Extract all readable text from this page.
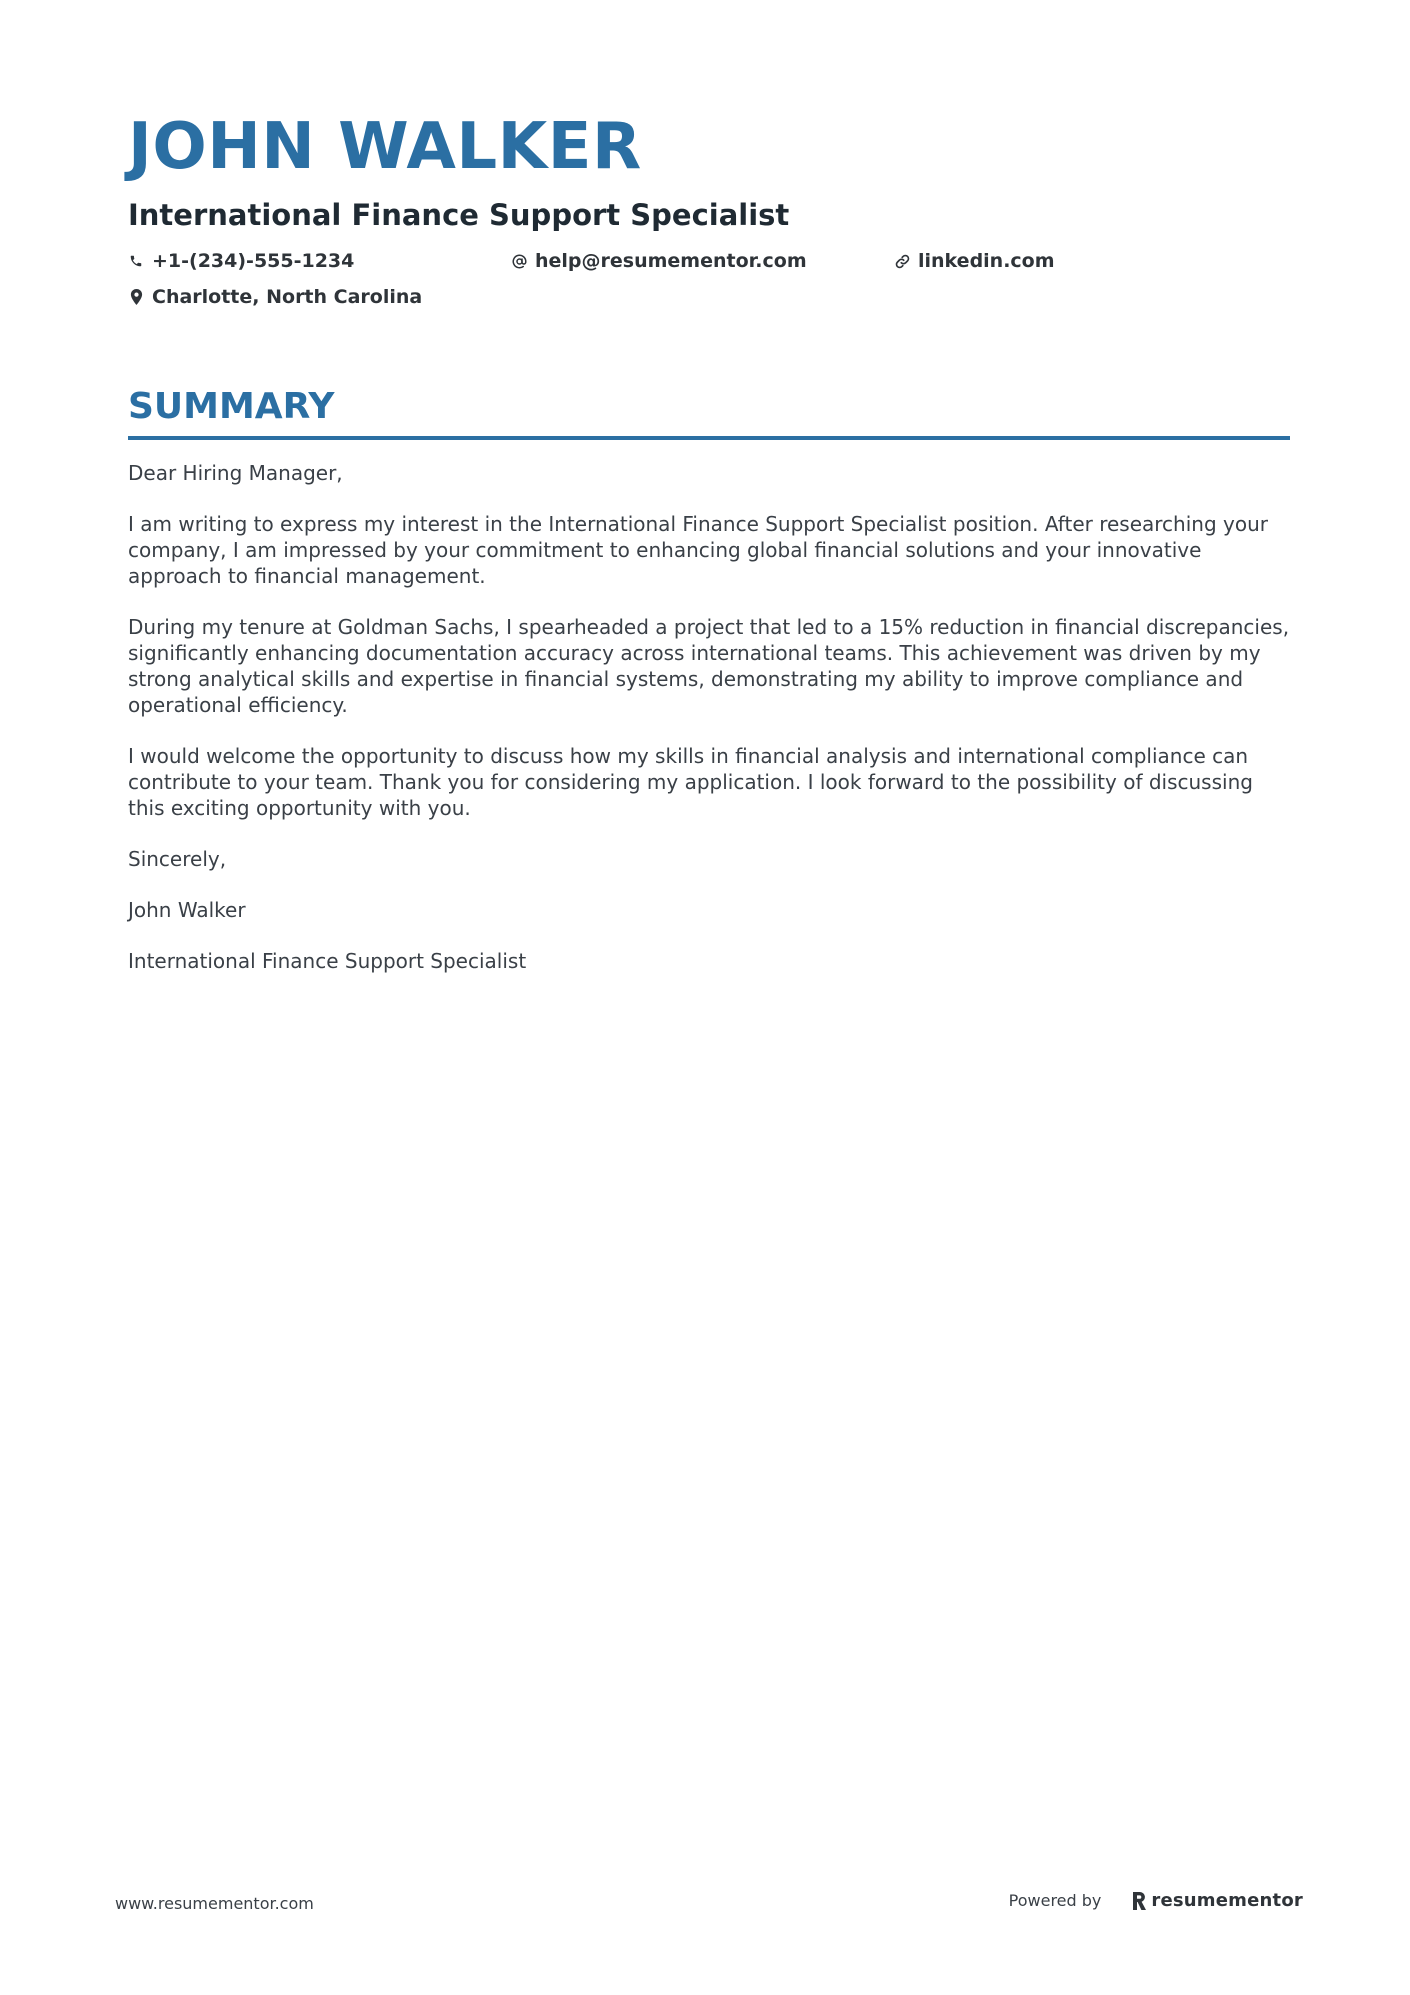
JOHN WALKER
International Finance Support Specialist
+1-(234)-555-1234	help@resumementor.com	linkedin.com
Charlotte, North Carolina
SUMMARY

Dear Hiring Manager,

I am writing to express my interest in the International Finance Support Specialist position. After researching your company, I am impressed by your commitment to enhancing global financial solutions and your innovative approach to financial management.

During my tenure at Goldman Sachs, I spearheaded a project that led to a 15% reduction in financial discrepancies, significantly enhancing documentation accuracy across international teams. This achievement was driven by my strong analytical skills and expertise in financial systems, demonstrating my ability to improve compliance and operational efficiency.

I would welcome the opportunity to discuss how my skills in financial analysis and international compliance can contribute to your team. Thank you for considering my application. I look forward to the possibility of discussing this exciting opportunity with you.

Sincerely,

John Walker

International Finance Support Specialist

www.resumementor.com	Powered by	resumementor
